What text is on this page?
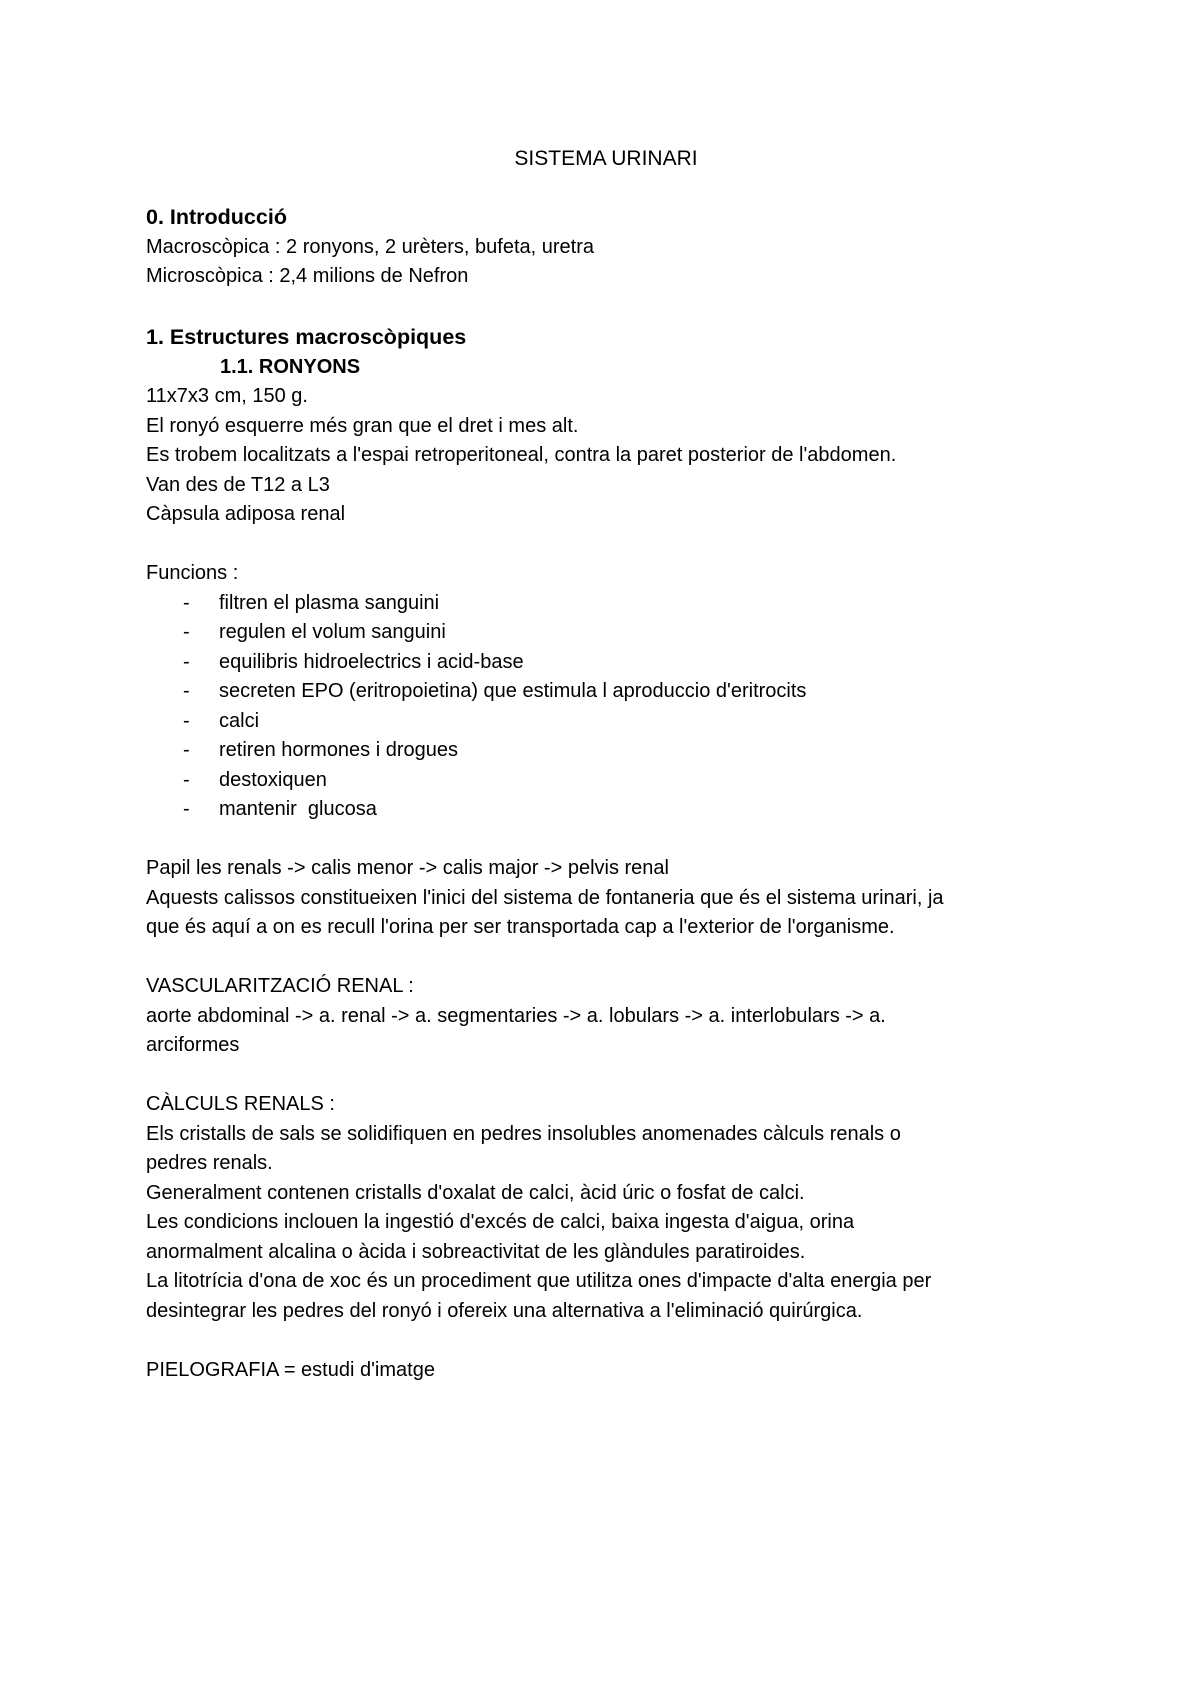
SISTEMA URINARI
0. Introducció

Macroscòpica : 2 ronyons, 2 urèters, bufeta, uretra

Microscòpica : 2,4 milions de Nefron

1. Estructures macroscòpiques
1.1. RONYONS

11x7x3 cm, 150 g.

El ronyó esquerre més gran que el dret i mes alt.

Es trobem localitzats a l'espai retroperitoneal, contra la paret posterior de l'abdomen.

Van des de T12 a L3

Càpsula adiposa renal

Funcions :

- filtren el plasma sanguini
- regulen el volum sanguini
- equilibris hidroelectrics i acid-base
- secreten EPO (eritropoietina) que estimula l aproduccio d'eritrocits
- calci
- retiren hormones i drogues
- destoxiquen
- mantenir  glucosa

Papil les renals -> calis menor -> calis major -> pelvis renal

Aquests calissos constitueixen l'inici del sistema de fontaneria que és el sistema urinari, ja

que és aquí a on es recull l'orina per ser transportada cap a l'exterior de l'organisme.

VASCULARITZACIÓ RENAL :

aorte abdominal -> a. renal -> a. segmentaries -> a. lobulars -> a. interlobulars -> a.

arciformes

CÀLCULS RENALS :

Els cristalls de sals se solidifiquen en pedres insolubles anomenades càlculs renals o

pedres renals.

Generalment contenen cristalls d'oxalat de calci, àcid úric o fosfat de calci.

Les condicions inclouen la ingestió d'excés de calci, baixa ingesta d'aigua, orina

anormalment alcalina o àcida i sobreactivitat de les glàndules paratiroides.

La litotrícia d'ona de xoc és un procediment que utilitza ones d'impacte d'alta energia per

desintegrar les pedres del ronyó i ofereix una alternativa a l'eliminació quirúrgica.

PIELOGRAFIA = estudi d'imatge
